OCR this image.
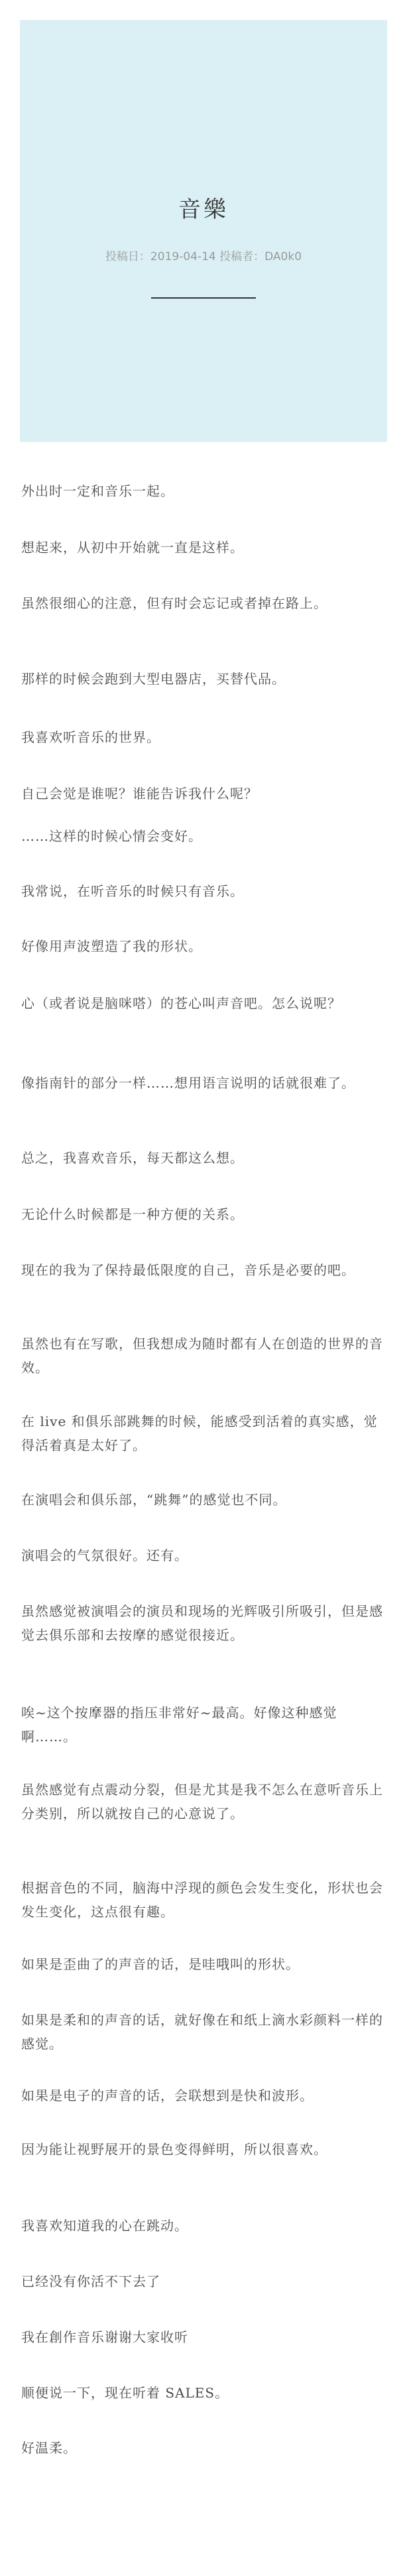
音樂
投稿日：2019-04-14 投稿者：DA0k0

外出时一定和音乐一起。

想起来，从初中开始就一直是这样。

虽然很细心的注意，但有时会忘记或者掉在路上。

那样的时候会跑到大型电器店，买替代品。

我喜欢听音乐的世界。

自己会觉是谁呢？谁能告诉我什么呢？

……这样的时候心情会变好。

我常说，在听音乐的时候只有音乐。

好像用声波塑造了我的形状。

心（或者说是脑咪嗒）的苍心叫声音吧。怎么说呢？

像指南针的部分一样……想用语言说明的话就很难了。

总之，我喜欢音乐，每天都这么想。

无论什么时候都是一种方便的关系。

现在的我为了保持最低限度的自己，音乐是必要的吧。

虽然也有在写歌，但我想成为随时都有人在创造的世界的音效。

在 live 和俱乐部跳舞的时候，能感受到活着的真实感，觉得活着真是太好了。

在演唱会和俱乐部，“跳舞”的感觉也不同。

演唱会的气氛很好。还有。

虽然感觉被演唱会的演员和现场的光辉吸引所吸引，但是感觉去俱乐部和去按摩的感觉很接近。

唉~这个按摩器的指压非常好~最高。好像这种感觉啊……。

虽然感觉有点震动分裂，但是尤其是我不怎么在意听音乐上分类别，所以就按自己的心意说了。

根据音色的不同，脑海中浮现的颜色会发生变化，形状也会发生变化，这点很有趣。

如果是歪曲了的声音的话，是哇哦叫的形状。

如果是柔和的声音的话，就好像在和纸上滴水彩颜料一样的感觉。

如果是电子的声音的话，会联想到是快和波形。

因为能让视野展开的景色变得鲜明，所以很喜欢。

我喜欢知道我的心在跳动。

已经没有你活不下去了

我在創作音乐谢谢大家收听

顺便说一下，现在听着 SALES。

好温柔。
